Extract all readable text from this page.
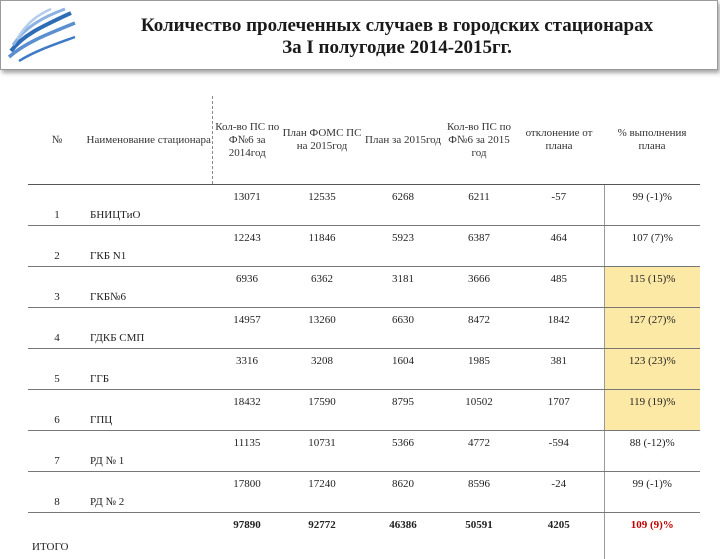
Количество пролеченных случаев в городских стационарах
За I полугодие 2014-2015гг.
№	Наименование стационара	Кол-во ПС по Ф№6 за 2014год	План ФОМС ПС на 2015год	План за 2015год	Кол-во ПС по Ф№6 за 2015 год	отклонение от плана	% выполнения плана
1	БНИЦТиО	13071	12535	6268	6211	-57	99 (-1)%
2	ГКБ N1	12243	11846	5923	6387	464	107 (7)%
3	ГКБ№6	6936	6362	3181	3666	485	115 (15)%
4	ГДКБ СМП	14957	13260	6630	8472	1842	127 (27)%
5	ГГБ	3316	3208	1604	1985	381	123 (23)%
6	ГПЦ	18432	17590	8795	10502	1707	119 (19)%
7	РД № 1	11135	10731	5366	4772	-594	88 (-12)%
8	РД № 2	17800	17240	8620	8596	-24	99 (-1)%
ИТОГО		97890	92772	46386	50591	4205	109 (9)%
